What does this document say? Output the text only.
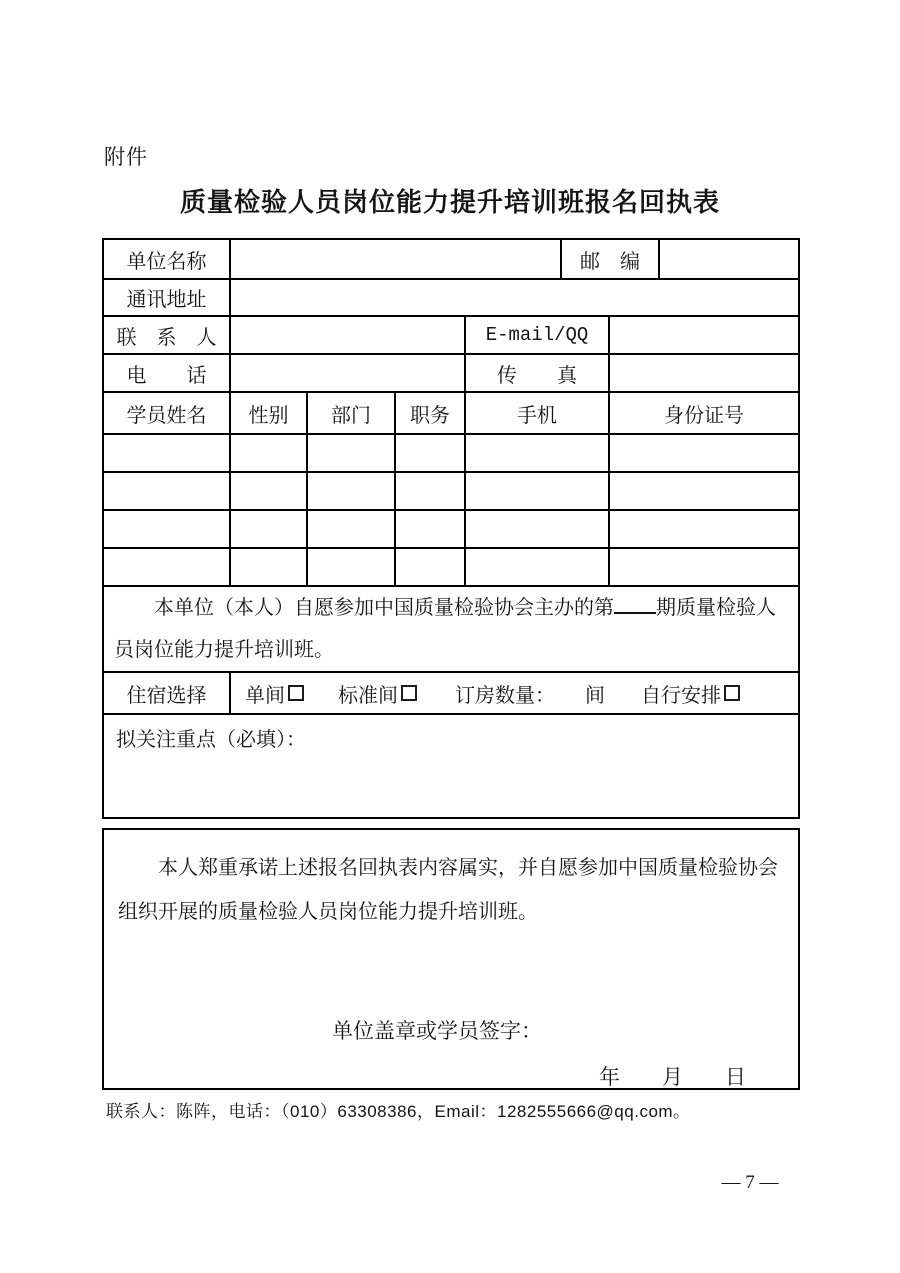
附件
质量检验人员岗位能力提升培训班报名回执表
单位名称	邮　编
通讯地址
联　系　人	E-mail/QQ
电　　话	传　　真
学员姓名	性别	部门	职务	手机	身份证号

本单位（本人）自愿参加中国质量检验协会主办的第 期质量检验人员岗位能力提升培训班。

住宿选择	单间	标准间	订房数量： 间 自行安排
拟关注重点（必填）：

本人郑重承诺上述报名回执表内容属实，并自愿参加中国质量检验协会组织开展的质量检验人员岗位能力提升培训班。

单位盖章或学员签字：
年　　月　　日
联系人：陈阵，电话：（010）63308386，Email：1282555666@qq.com。
— 7 —
